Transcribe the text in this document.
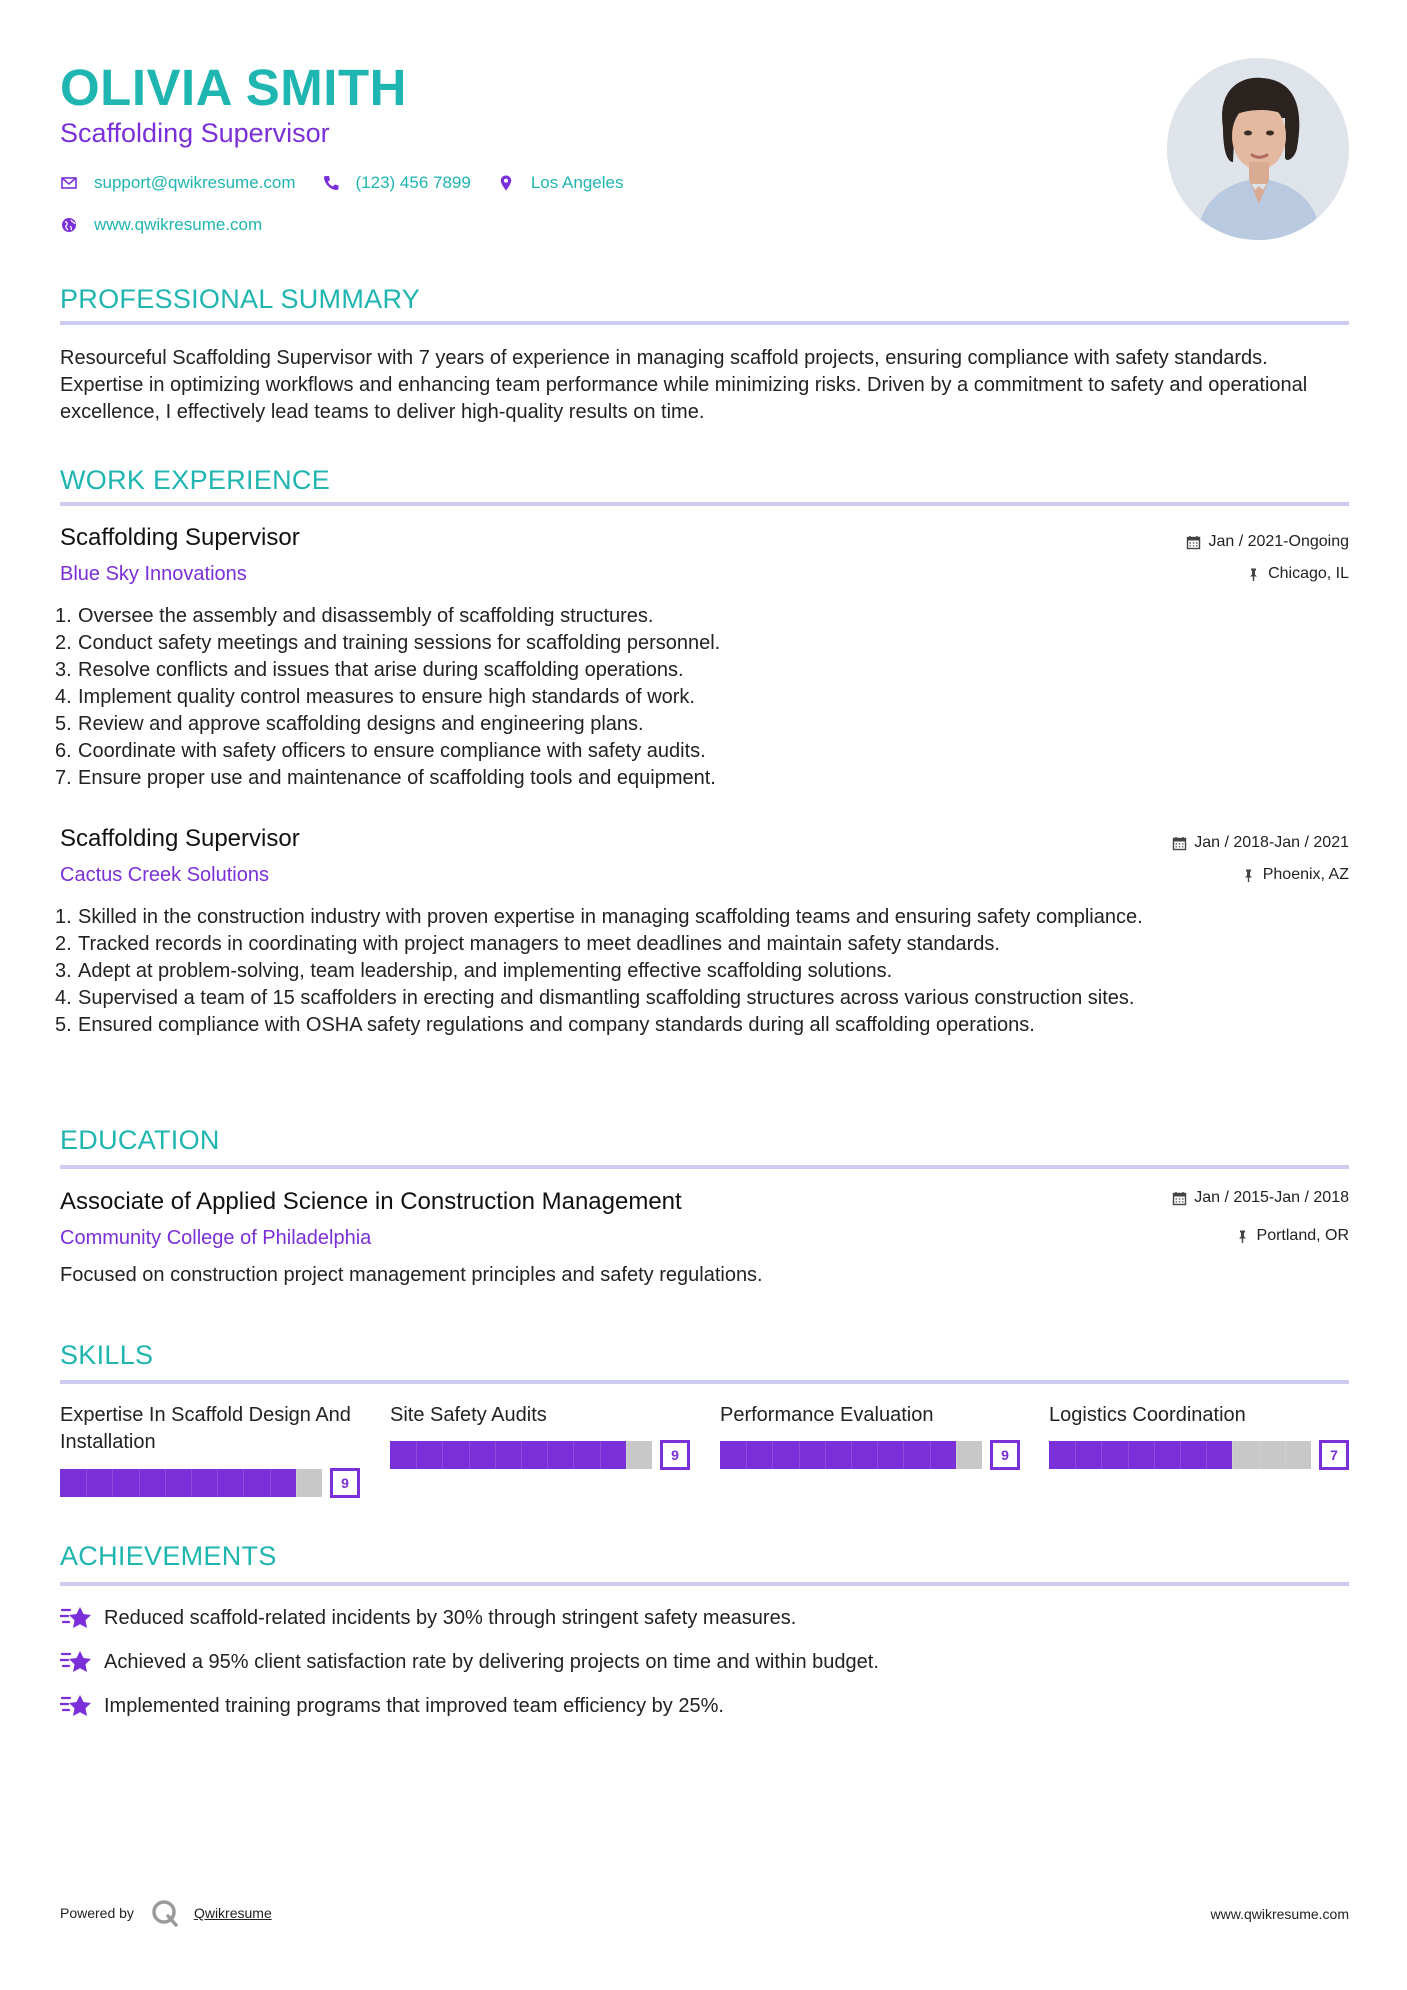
OLIVIA SMITH
Scaffolding Supervisor
support@qwikresume.com	(123) 456 7899	Los Angeles
www.qwikresume.com
PROFESSIONAL SUMMARY
Resourceful Scaffolding Supervisor with 7 years of experience in managing scaffold projects, ensuring compliance with safety standards. Expertise in optimizing workflows and enhancing team performance while minimizing risks. Driven by a commitment to safety and operational excellence, I effectively lead teams to deliver high-quality results on time.
WORK EXPERIENCE
Scaffolding Supervisor
Blue Sky Innovations
Jan / 2021-Ongoing
Chicago, IL
1. Oversee the assembly and disassembly of scaffolding structures.
2. Conduct safety meetings and training sessions for scaffolding personnel.
3. Resolve conflicts and issues that arise during scaffolding operations.
4. Implement quality control measures to ensure high standards of work.
5. Review and approve scaffolding designs and engineering plans.
6. Coordinate with safety officers to ensure compliance with safety audits.
7. Ensure proper use and maintenance of scaffolding tools and equipment.
Scaffolding Supervisor
Cactus Creek Solutions
Jan / 2018-Jan / 2021
Phoenix, AZ
1. Skilled in the construction industry with proven expertise in managing scaffolding teams and ensuring safety compliance.
2. Tracked records in coordinating with project managers to meet deadlines and maintain safety standards.
3. Adept at problem-solving, team leadership, and implementing effective scaffolding solutions.
4. Supervised a team of 15 scaffolders in erecting and dismantling scaffolding structures across various construction sites.
5. Ensured compliance with OSHA safety regulations and company standards during all scaffolding operations.
EDUCATION
Associate of Applied Science in Construction Management
Community College of Philadelphia
Jan / 2015-Jan / 2018
Portland, OR
Focused on construction project management principles and safety regulations.
SKILLS
Expertise In Scaffold Design And Installation
9
Site Safety Audits
9
Performance Evaluation
9
Logistics Coordination
7
ACHIEVEMENTS
Reduced scaffold-related incidents by 30% through stringent safety measures.
Achieved a 95% client satisfaction rate by delivering projects on time and within budget.
Implemented training programs that improved team efficiency by 25%.
Powered by	Qwikresume	www.qwikresume.com
